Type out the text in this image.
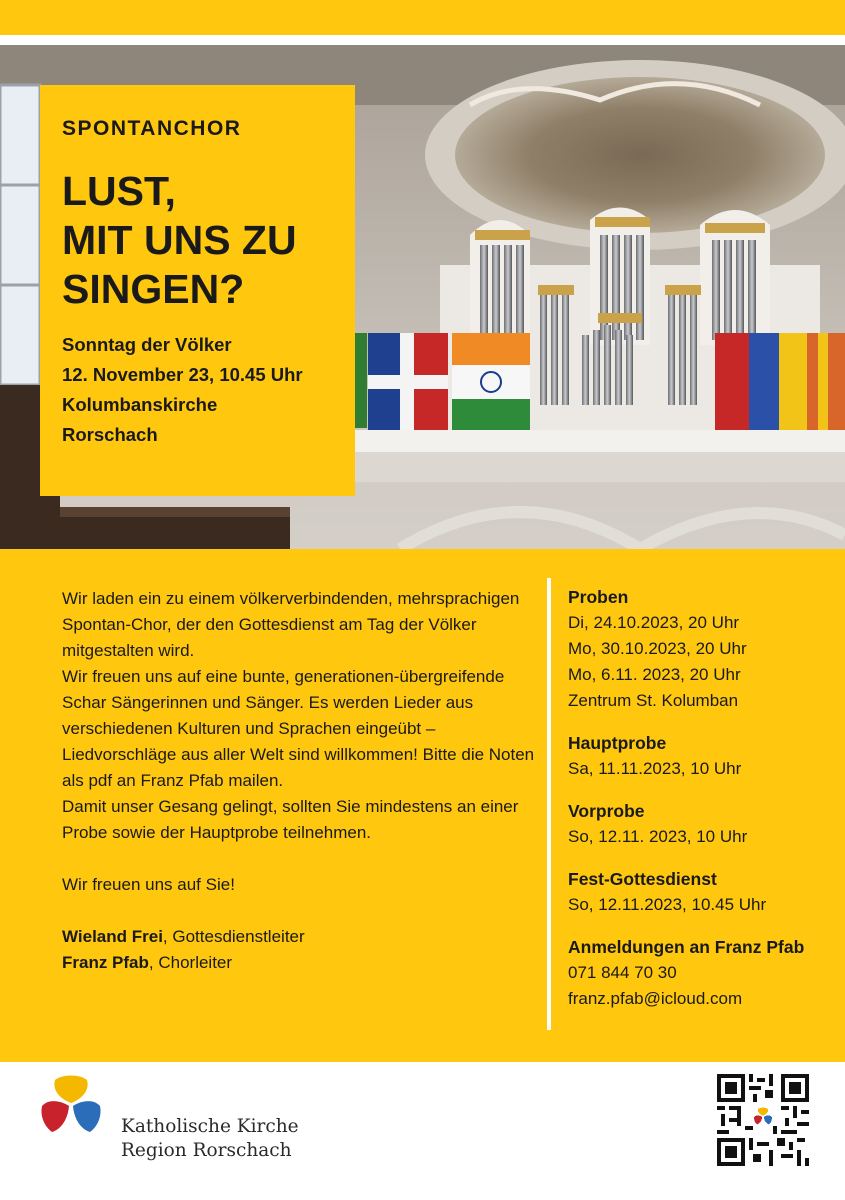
SPONTANCHOR
LUST,
MIT UNS ZU
SINGEN?
Sonntag der Völker
12. November 23, 10.45 Uhr
Kolumbanskirche
Rorschach

Wir laden ein zu einem völkerverbindenden, mehrsprachigen Spontan-Chor, der den Gottesdienst am Tag der Völker mitgestalten wird.

Wir freuen uns auf eine bunte, generationen-übergreifende Schar Sängerinnen und Sänger. Es werden Lieder aus verschiedenen Kulturen und Sprachen eingeübt – Liedvorschläge aus aller Welt sind willkommen! Bitte die Noten als pdf an Franz Pfab mailen.

Damit unser Gesang gelingt, sollten Sie mindestens an einer Probe sowie der Hauptprobe teilnehmen.

Wir freuen uns auf Sie!

Wieland Frei, Gottesdienstleiter
Franz Pfab, Chorleiter
Proben
Di, 24.10.2023, 20 Uhr
Mo, 30.10.2023, 20 Uhr
Mo, 6.11. 2023, 20 Uhr
Zentrum St. Kolumban
Hauptprobe
Sa, 11.11.2023, 10 Uhr
Vorprobe
So, 12.11. 2023, 10 Uhr
Fest-Gottesdienst
So, 12.11.2023, 10.45 Uhr
Anmeldungen an Franz Pfab
071 844 70 30
franz.pfab@icloud.com
Katholische Kirche
Region Rorschach
